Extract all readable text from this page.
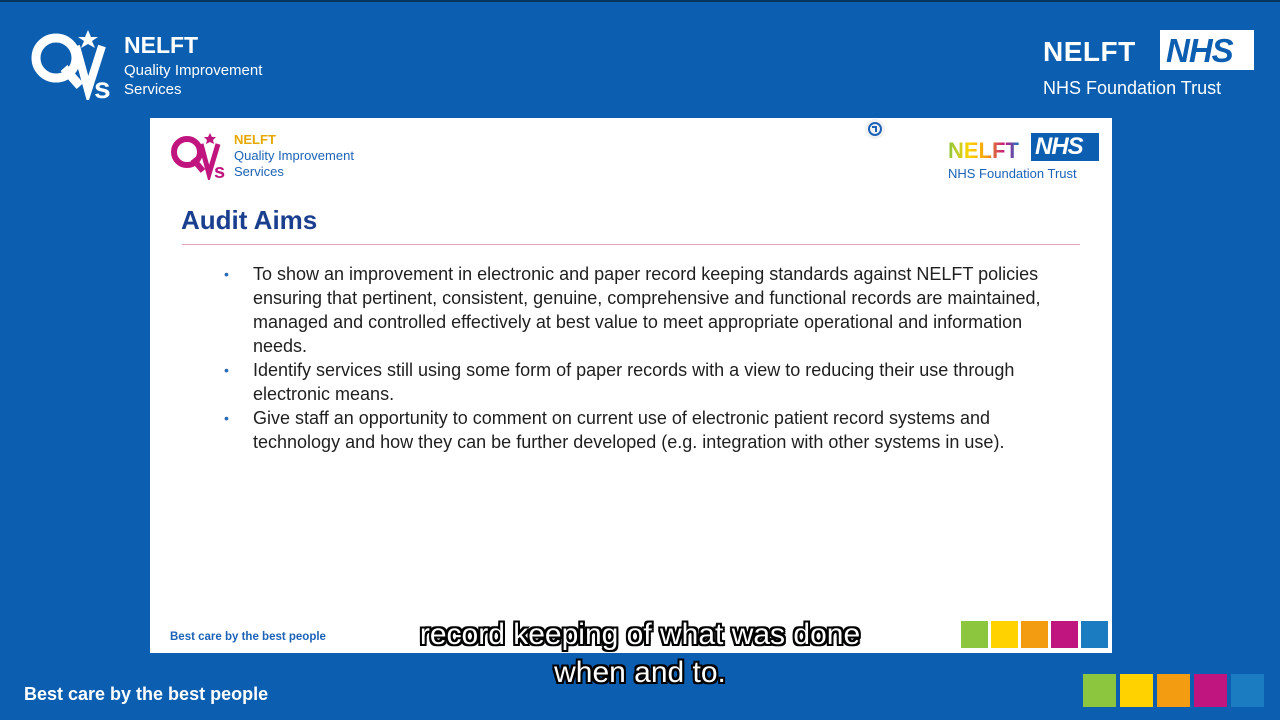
s
NELFT
Quality Improvement
Services
NELFT NHS
NHS Foundation Trust
s
NELFT
Quality Improvement
Services
NELFT NHS
NHS Foundation Trust
Audit Aims
• To show an improvement in electronic and paper record keeping standards against NELFT policies ensuring that pertinent, consistent, genuine, comprehensive and functional records are maintained, managed and controlled effectively at best value to meet appropriate operational and information needs.
• Identify services still using some form of paper records with a view to reducing their use through electronic means.
• Give staff an opportunity to comment on current use of electronic patient record systems and technology and how they can be further developed (e.g. integration with other systems in use).
Best care by the best people
Best care by the best people
record keeping of what was done
when and to.
